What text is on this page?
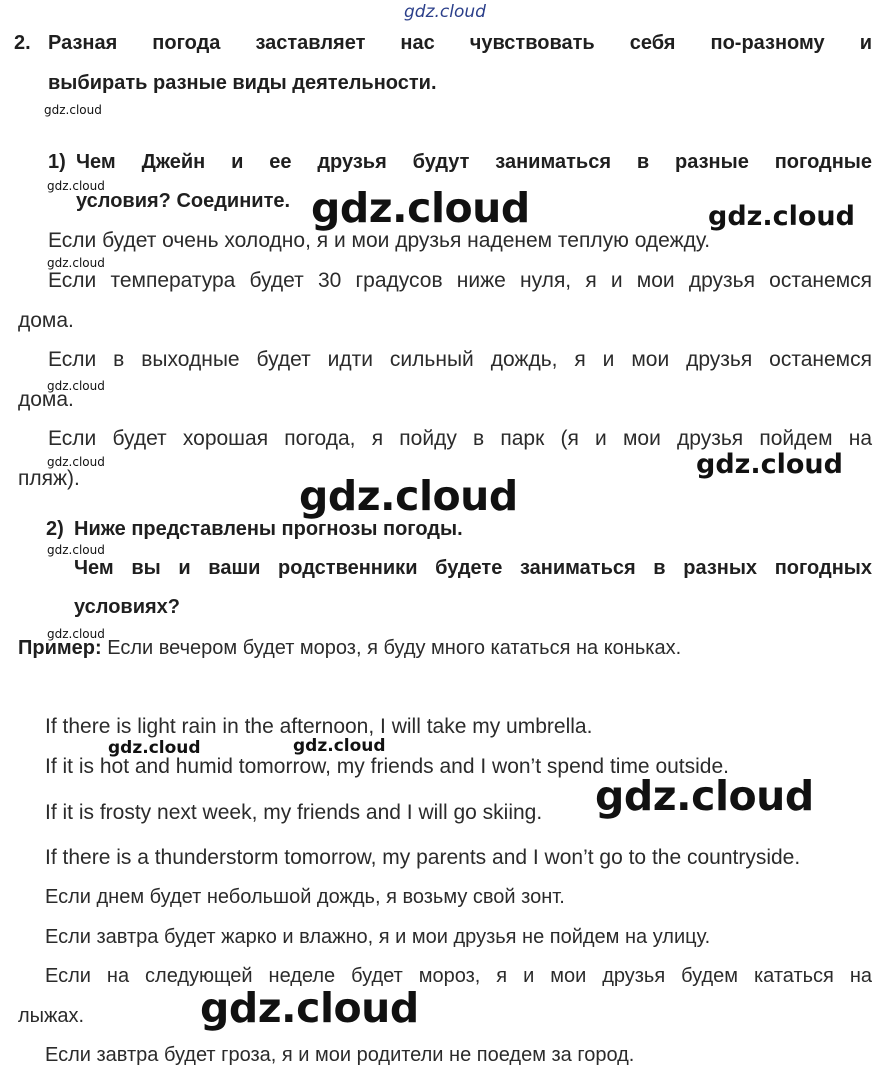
gdz.cloud
2. Разная погода заставляет нас чувствовать себя по-разному и
выбирать разные виды деятельности.
gdz.cloud
1) Чем Джейн и ее друзья будут заниматься в разные погодные
gdz.cloud
условия? Соедините. gdz.cloud	gdz.cloud
Если будет очень холодно, я и мои друзья наденем теплую одежду.
gdz.cloud
Если температура будет 30 градусов ниже нуля, я и мои друзья останемся
дома.
Если в выходные будет идти сильный дождь, я и мои друзья останемся
gdz.cloud
дома.
Если будет хорошая погода, я пойду в парк (я и мои друзья пойдем на
gdz.cloud
пляж).	gdz.cloud
gdz.cloud
2) Ниже представлены прогнозы погоды.
gdz.cloud
Чем вы и ваши родственники будете заниматься в разных погодных
условиях?
gdz.cloud
Пример: Если вечером будет мороз, я буду много кататься на коньках.
If there is light rain in the afternoon, I will take my umbrella.
gdz.cloud	gdz.cloud
If it is hot and humid tomorrow, my friends and I won’t spend time outside.
If it is frosty next week, my friends and I will go skiing. gdz.cloud
If there is a thunderstorm tomorrow, my parents and I won’t go to the countryside.
Если днем будет небольшой дождь, я возьму свой зонт.
Если завтра будет жарко и влажно, я и мои друзья не пойдем на улицу.
Если на следующей неделе будет мороз, я и мои друзья будем кататься на
лыжах.	gdz.cloud
Если завтра будет гроза, я и мои родители не поедем за город.
